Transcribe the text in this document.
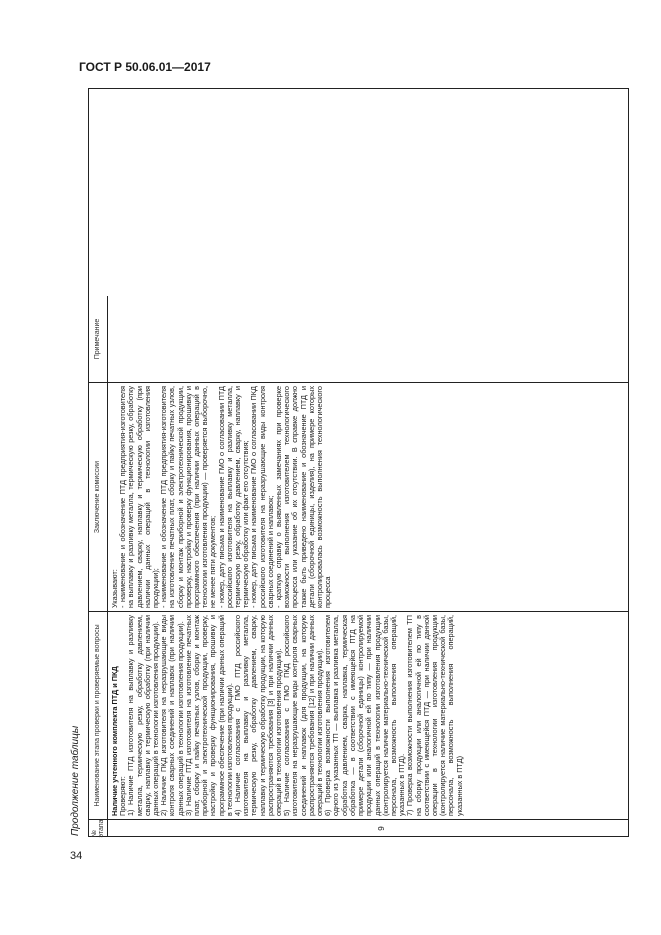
ГОСТ Р 50.06.01—2017
Продолжение таблицы	№ этапа
Наименование этапа проверки и проверяемые вопросы
Заключение комиссии
Примечание
9

Наличие учтенного комплекта ПТД и ПКД Проверяют: 1) Наличие ПТД изготовителя на выплавку и разливку металла, термическую резку, обработку давлением, сварку, наплавку и термическую обработку (при наличии данных операций в технологии изготовления продукции). 2) Наличие ПКД изготовителя на неразрушающие виды контроля сварных соединений и наплавок (при наличии данных операций в технологии изготовления продукции). 3) Наличие ПТД изготовителя на изготовление печатных плат, сборку и пайку печатных узлов, сборку и монтаж приборной и электротехнической продукции, проверку, настройку и проверку функционирования, прошивку и программное обеспечение (при наличии данных операций в технологии изготовления продукции). 4) Наличие согласования с ГМО ПТД российского изготовителя на выплавку и разливку металла, термическую резку, обработку давлением, сварку, наплавку и термическую обработку продукции, на которую распространяются требования [3] и при наличии данных операций в технологии изготовления продукции). 5) Наличие согласования с ГМО ПКД российского изготовителя на неразрушающие виды контроля сварных соединений и наплавок (для продукции, на которую распространяются требования [12] и при наличии данных операций в технологии изготовления продукции). 6) Проверка возможности выполнения изготовителем одного из указанных ТП — выплавка и разливка металла, обработка давлением, сварка, наплавка, термическая обработка — в соответствии с имеющейся ПТД на примере детали (сборочной единицы) контролируемой продукции или аналогичной ей по типу — при наличии данных операций в технологии изготовления продукции (контролируется наличие материально-технической базы, персонала, возможность выполнения операций, указанных в ПТД). 7) Проверка возможности выполнения изготовителем ТП на сборку продукции или аналогичной ей по типу в соответствии с имеющейся ПТД — при наличии данной операции в технологии изготовления продукции (контролируется наличие материально-технической базы, персонала, возможность выполнения операций, указанных в ПТД)

Указывают: - наименование и обозначение ПТД предприятия-изготовителя на выплавку и разливку металла, термическую резку, обработку давлением, сварку, наплавку и термическую обработку (при наличии данных операций в технологии изготовления продукции); - наименование и обозначение ПТД предприятия-изготовителя на изготовление печатных плат, сборку и пайку печатных узлов, сборку и монтаж приборной и электротехнической продукции, проверку, настройку и проверку функционирования, прошивку и программного обеспечения (при наличии данных операций в технологии изготовления продукции) — проверяется выборочно, не менее пяти документов; - номер, дату письма и наименование ГМО о согласовании ПТД российского изготовителя на выплавку и разливку металла, термическую резку, обработку давлением, сварку, наплавку и термическую обработку или факт его отсутствия; - номер, дату письма и наименование ГМО о согласовании ПКД российского изготовителя на неразрушающие виды контроля сварных соединений и наплавок; - краткую справку о выявленных замечаниях при проверке возможности выполнения изготовителем технологического процесса или указание об их отсутствии. В справке должно также быть приведено наименование и обозначение ПТД и детали (сборочной единицы, изделия), на примере которых контролировалась возможность выполнения технологического процесса

34
